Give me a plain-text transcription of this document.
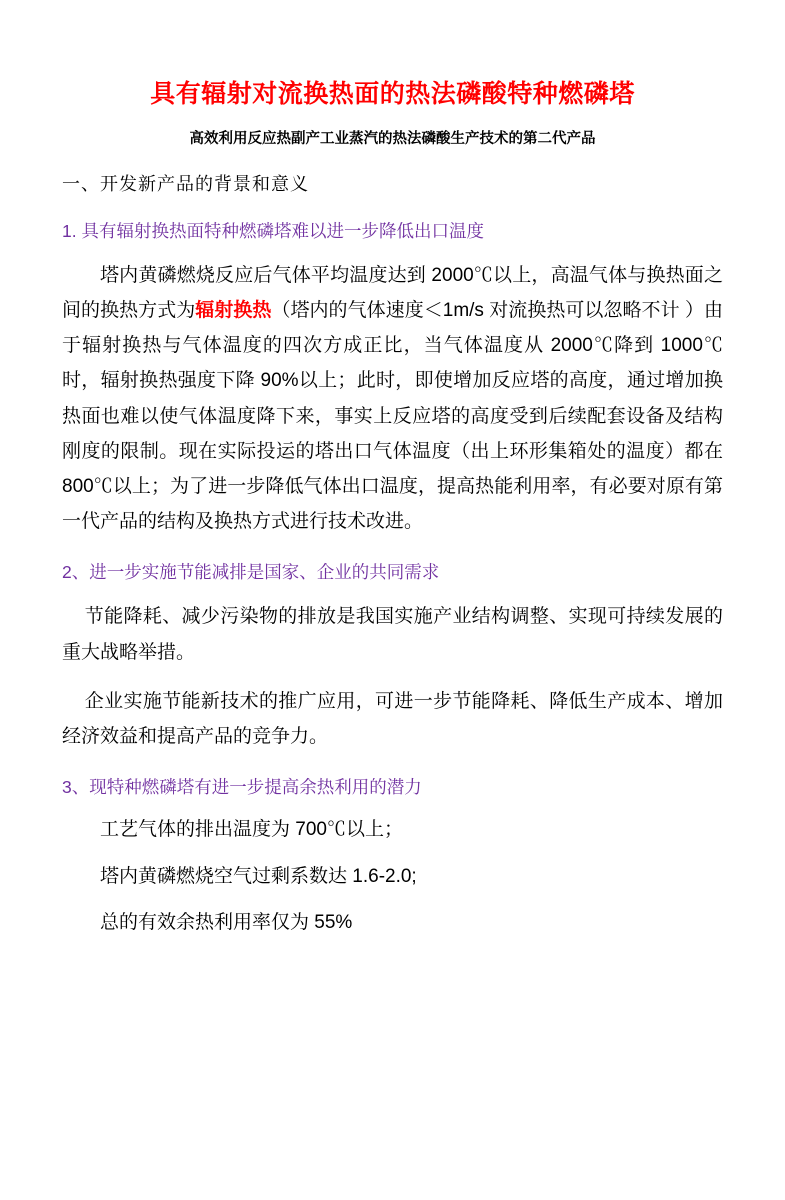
具有辐射对流换热面的热法磷酸特种燃磷塔
高效利用反应热副产工业蒸汽的热法磷酸生产技术的第二代产品
一、开发新产品的背景和意义
1. 具有辐射换热面特种燃磷塔难以进一步降低出口温度

塔内黄磷燃烧反应后气体平均温度达到 2000℃以上，高温气体与换热面之间的换热方式为辐射换热（塔内的气体速度＜1m/s 对流换热可以忽略不计 ）由于辐射换热与气体温度的四次方成正比，当气体温度从 2000℃降到 1000℃时，辐射换热强度下降 90%以上；此时，即使增加反应塔的高度，通过增加换热面也难以使气体温度降下来，事实上反应塔的高度受到后续配套设备及结构刚度的限制。现在实际投运的塔出口气体温度（出上环形集箱处的温度）都在 800℃以上；为了进一步降低气体出口温度，提高热能利用率，有必要对原有第一代产品的结构及换热方式进行技术改进。

2、进一步实施节能减排是国家、企业的共同需求

节能降耗、减少污染物的排放是我国实施产业结构调整、实现可持续发展的重大战略举措。

企业实施节能新技术的推广应用，可进一步节能降耗、降低生产成本、增加经济效益和提高产品的竞争力。

3、现特种燃磷塔有进一步提高余热利用的潜力

工艺气体的排出温度为 700℃以上；

塔内黄磷燃烧空气过剩系数达 1.6-2.0;

总的有效余热利用率仅为 55%
